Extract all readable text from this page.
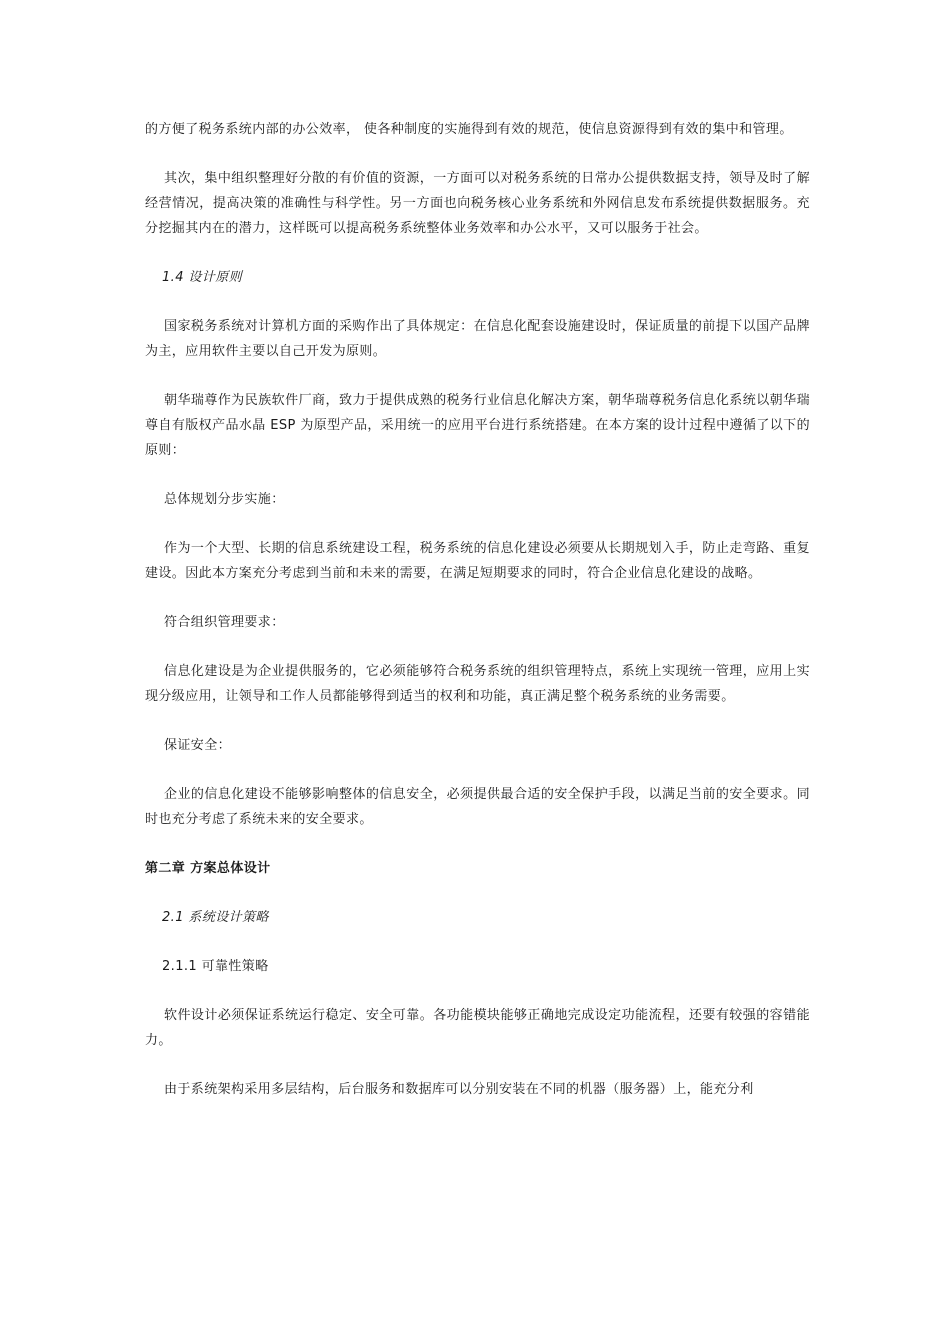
的方便了税务系统内部的办公效率， 使各种制度的实施得到有效的规范，使信息资源得到有效的集中和管理。

其次，集中组织整理好分散的有价值的资源，一方面可以对税务系统的日常办公提供数据支持，领导及时了解经营情况，提高决策的准确性与科学性。另一方面也向税务核心业务系统和外网信息发布系统提供数据服务。充分挖掘其内在的潜力，这样既可以提高税务系统整体业务效率和办公水平，又可以服务于社会。

1.4 设计原则

国家税务系统对计算机方面的采购作出了具体规定：在信息化配套设施建设时，保证质量的前提下以国产品牌为主，应用软件主要以自己开发为原则。

朝华瑞尊作为民族软件厂商，致力于提供成熟的税务行业信息化解决方案，朝华瑞尊税务信息化系统以朝华瑞尊自有版权产品水晶 ESP 为原型产品，采用统一的应用平台进行系统搭建。在本方案的设计过程中遵循了以下的原则：

总体规划分步实施：

作为一个大型、长期的信息系统建设工程，税务系统的信息化建设必须要从长期规划入手，防止走弯路、重复建设。因此本方案充分考虑到当前和未来的需要，在满足短期要求的同时，符合企业信息化建设的战略。

符合组织管理要求：

信息化建设是为企业提供服务的，它必须能够符合税务系统的组织管理特点，系统上实现统一管理，应用上实现分级应用，让领导和工作人员都能够得到适当的权利和功能，真正满足整个税务系统的业务需要。

保证安全：

企业的信息化建设不能够影响整体的信息安全，必须提供最合适的安全保护手段，以满足当前的安全要求。同时也充分考虑了系统未来的安全要求。

第二章 方案总体设计

2.1 系统设计策略

2.1.1 可靠性策略

软件设计必须保证系统运行稳定、安全可靠。各功能模块能够正确地完成设定功能流程，还要有较强的容错能力。

由于系统架构采用多层结构，后台服务和数据库可以分别安装在不同的机器（服务器）上，能充分利
